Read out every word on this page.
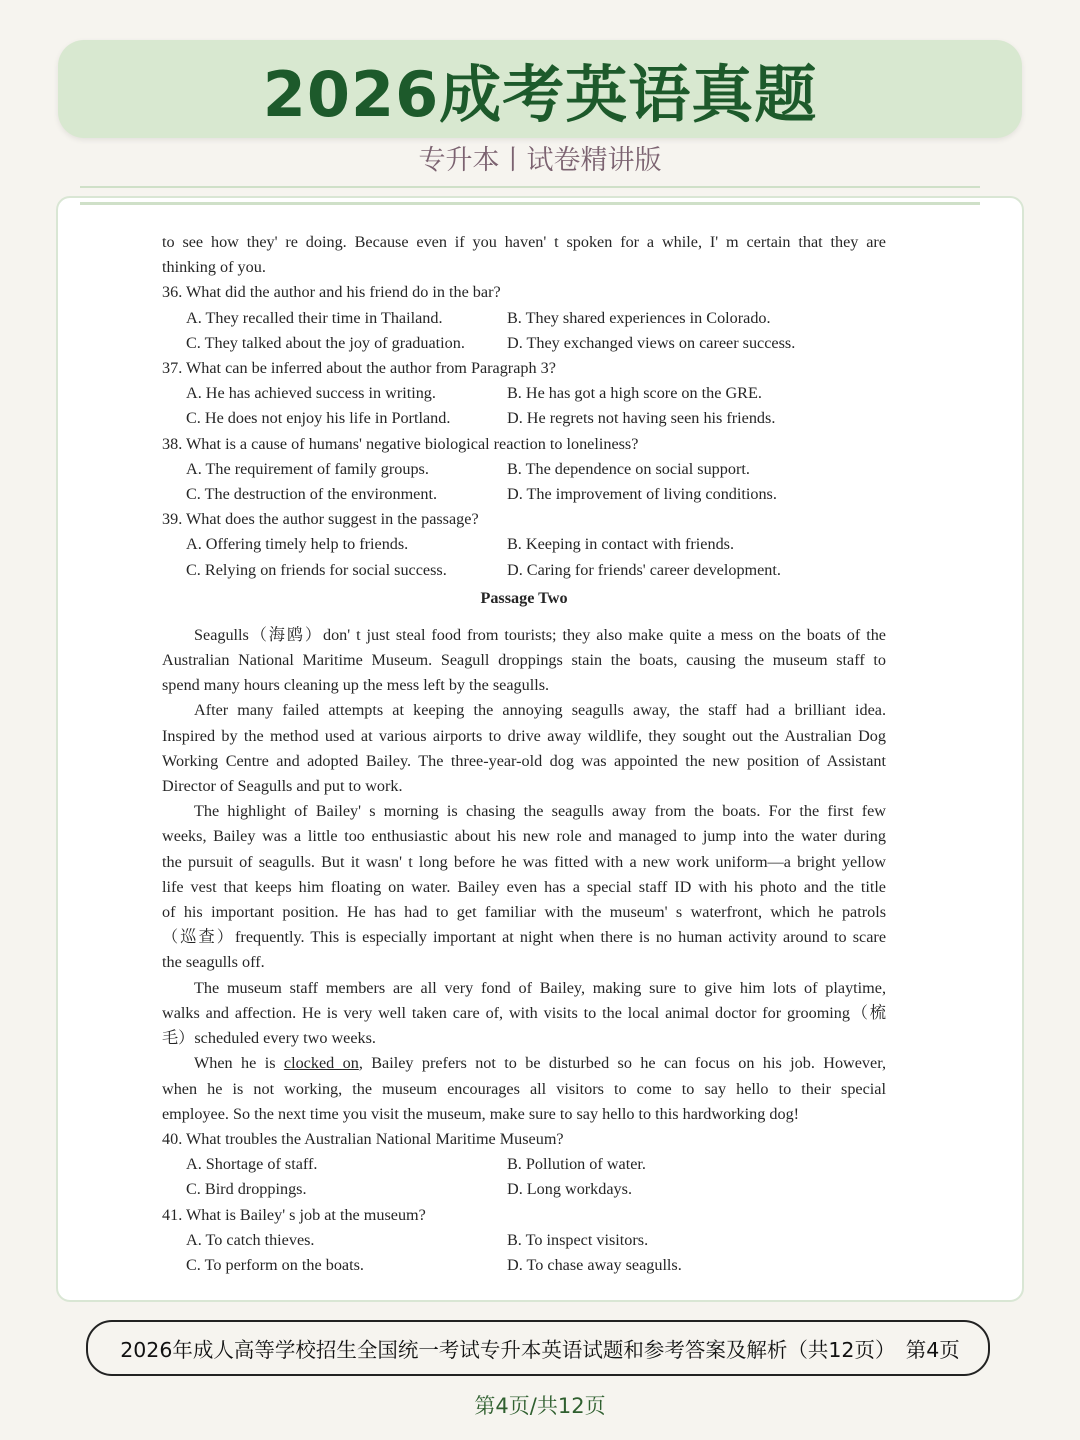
2026成考英语真题
专升本丨试卷精讲版

to see how they' re doing. Because even if you haven' t spoken for a while, I' m certain that they are

thinking of you.

36. What did the author and his friend do in the bar?

A. They recalled their time in Thailand.	B. They shared experiences in Colorado.
C. They talked about the joy of graduation.	D. They exchanged views on career success.

37. What can be inferred about the author from Paragraph 3?

A. He has achieved success in writing.	B. He has got a high score on the GRE.
C. He does not enjoy his life in Portland.	D. He regrets not having seen his friends.

38. What is a cause of humans' negative biological reaction to loneliness?

A. The requirement of family groups.	B. The dependence on social support.
C. The destruction of the environment.	D. The improvement of living conditions.

39. What does the author suggest in the passage?

A. Offering timely help to friends.	B. Keeping in contact with friends.
C. Relying on friends for social success.	D. Caring for friends' career development.

Passage Two

Seagulls（海鸥）don' t just steal food from tourists; they also make quite a mess on the boats of the

Australian National Maritime Museum. Seagull droppings stain the boats, causing the museum staff to

spend many hours cleaning up the mess left by the seagulls.

After many failed attempts at keeping the annoying seagulls away, the staff had a brilliant idea.

Inspired by the method used at various airports to drive away wildlife, they sought out the Australian Dog

Working Centre and adopted Bailey. The three-year-old dog was appointed the new position of Assistant

Director of Seagulls and put to work.

The highlight of Bailey' s morning is chasing the seagulls away from the boats. For the first few

weeks, Bailey was a little too enthusiastic about his new role and managed to jump into the water during

the pursuit of seagulls. But it wasn' t long before he was fitted with a new work uniform—a bright yellow

life vest that keeps him floating on water. Bailey even has a special staff ID with his photo and the title

of his important position. He has had to get familiar with the museum' s waterfront, which he patrols

（巡查）frequently. This is especially important at night when there is no human activity around to scare

the seagulls off.

The museum staff members are all very fond of Bailey, making sure to give him lots of playtime,

walks and affection. He is very well taken care of, with visits to the local animal doctor for grooming（梳

毛）scheduled every two weeks.

When he is clocked on, Bailey prefers not to be disturbed so he can focus on his job. However,

when he is not working, the museum encourages all visitors to come to say hello to their special

employee. So the next time you visit the museum, make sure to say hello to this hardworking dog!

40. What troubles the Australian National Maritime Museum?

A. Shortage of staff.	B. Pollution of water.
C. Bird droppings.	D. Long workdays.

41. What is Bailey' s job at the museum?

A. To catch thieves.	B. To inspect visitors.
C. To perform on the boats.	D. To chase away seagulls.
2026年成人高等学校招生全国统一考试专升本英语试题和参考答案及解析（共12页）　第4页
第4页/共12页
